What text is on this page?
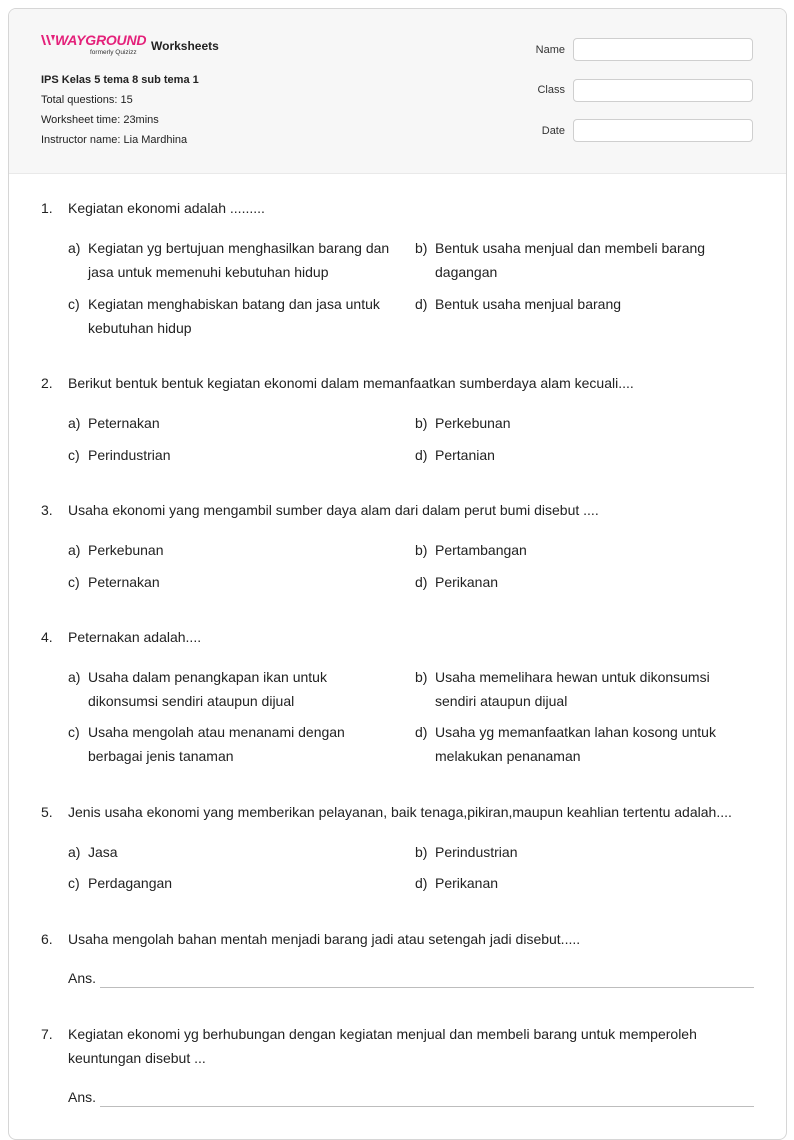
WAYGROUND
formerly Quizizz Worksheets
IPS Kelas 5 tema 8 sub tema 1
Total questions: 15
Worksheet time: 23mins
Instructor name: Lia Mardhina
Name
Class
Date
1. Kegiatan ekonomi adalah .........
a) Kegiatan yg bertujuan menghasilkan barang dan jasa untuk memenuhi kebutuhan hidup
b) Bentuk usaha menjual dan membeli barang dagangan
c) Kegiatan menghabiskan batang dan jasa untuk kebutuhan hidup
d) Bentuk usaha menjual barang
2. Berikut bentuk bentuk kegiatan ekonomi dalam memanfaatkan sumberdaya alam kecuali....
a) Peternakan	b) Perkebunan
c) Perindustrian	d) Pertanian
3. Usaha ekonomi yang mengambil sumber daya alam dari dalam perut bumi disebut ....
a) Perkebunan	b) Pertambangan
c) Peternakan	d) Perikanan
4. Peternakan adalah....
a) Usaha dalam penangkapan ikan untuk dikonsumsi sendiri ataupun dijual
b) Usaha memelihara hewan untuk dikonsumsi sendiri ataupun dijual
c) Usaha mengolah atau menanami dengan berbagai jenis tanaman
d) Usaha yg memanfaatkan lahan kosong untuk melakukan penanaman
5. Jenis usaha ekonomi yang memberikan pelayanan, baik tenaga,pikiran,maupun keahlian tertentu adalah....
a) Jasa	b) Perindustrian
c) Perdagangan	d) Perikanan
6. Usaha mengolah bahan mentah menjadi barang jadi atau setengah jadi disebut.....
Ans.
7. Kegiatan ekonomi yg berhubungan dengan kegiatan menjual dan membeli barang untuk memperoleh keuntungan disebut ...
Ans.
